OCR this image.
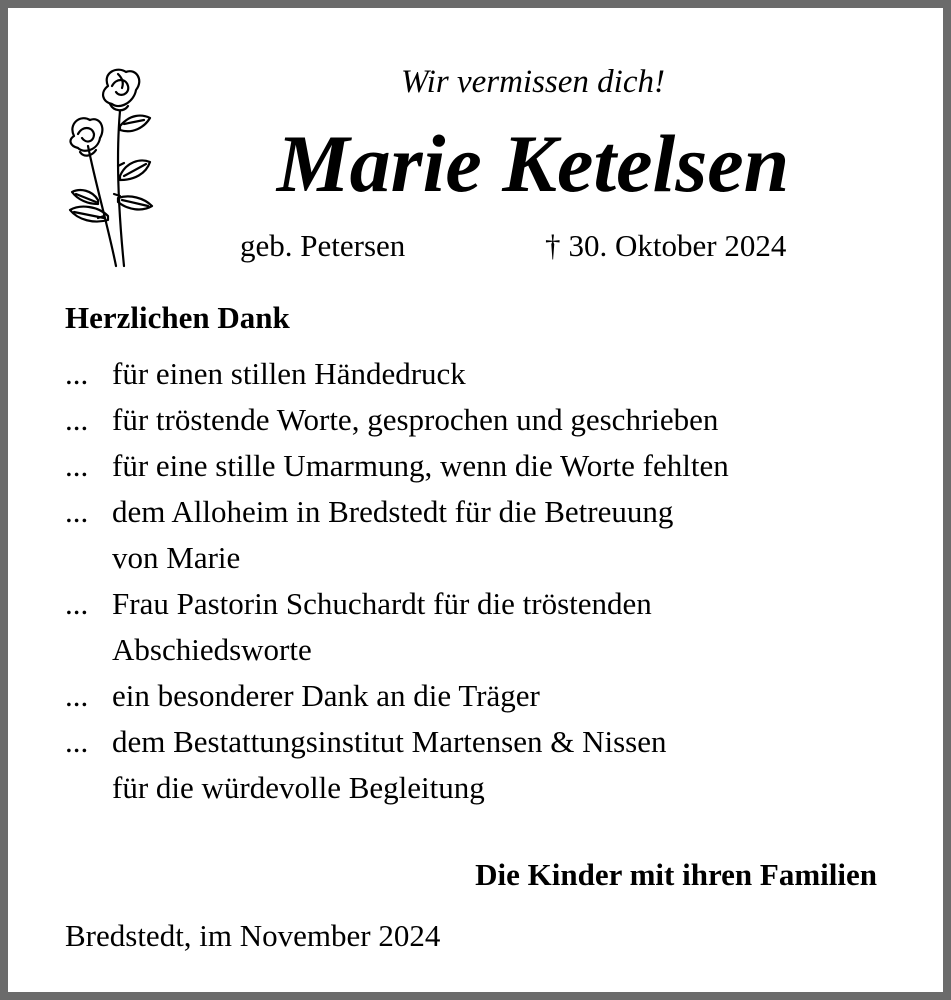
Wir vermissen dich!
Marie Ketelsen
geb. Petersen	† 30. Oktober 2024
Herzlichen Dank
... für einen stillen Händedruck
... für tröstende Worte, gesprochen und geschrieben
... für eine stille Umarmung, wenn die Worte fehlten
... dem Alloheim in Bredstedt für die Betreuung
von Marie
... Frau Pastorin Schuchardt für die tröstenden
Abschiedsworte
... ein besonderer Dank an die Träger
... dem Bestattungsinstitut Martensen & Nissen
für die würdevolle Begleitung
Die Kinder mit ihren Familien
Bredstedt, im November 2024
